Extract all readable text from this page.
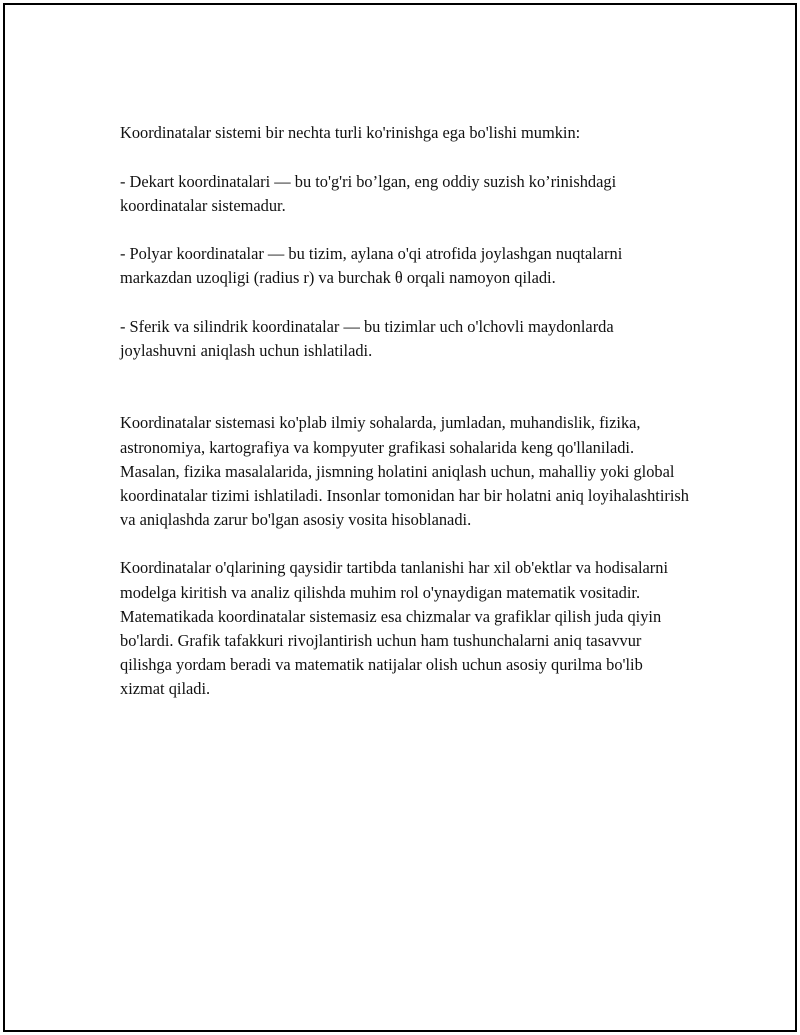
Koordinatalar sistemi bir nechta turli ko'rinishga ega bo'lishi mumkin:

- Dekart koordinatalari — bu to'g'ri bo’lgan, eng oddiy suzish ko’rinishdagi koordinatalar sistemadur.

- Polyar koordinatalar — bu tizim, aylana o'qi atrofida joylashgan nuqtalarni markazdan uzoqligi (radius r) va burchak θ orqali namoyon qiladi.

- Sferik va silindrik koordinatalar — bu tizimlar uch o'lchovli maydonlarda joylashuvni aniqlash uchun ishlatiladi.

Koordinatalar sistemasi ko'plab ilmiy sohalarda, jumladan, muhandislik, fizika, astronomiya, kartografiya va kompyuter grafikasi sohalarida keng qo'llaniladi. Masalan, fizika masalalarida, jismning holatini aniqlash uchun, mahalliy yoki global koordinatalar tizimi ishlatiladi. Insonlar tomonidan har bir holatni aniq loyihalashtirish va aniqlashda zarur bo'lgan asosiy vosita hisoblanadi.

Koordinatalar o'qlarining qaysidir tartibda tanlanishi har xil ob'ektlar va hodisalarni modelga kiritish va analiz qilishda muhim rol o'ynaydigan matematik vositadir. Matematikada koordinatalar sistemasiz esa chizmalar va grafiklar qilish juda qiyin bo'lardi. Grafik tafakkuri rivojlantirish uchun ham tushunchalarni aniq tasavvur qilishga yordam beradi va matematik natijalar olish uchun asosiy qurilma bo'lib xizmat qiladi.
